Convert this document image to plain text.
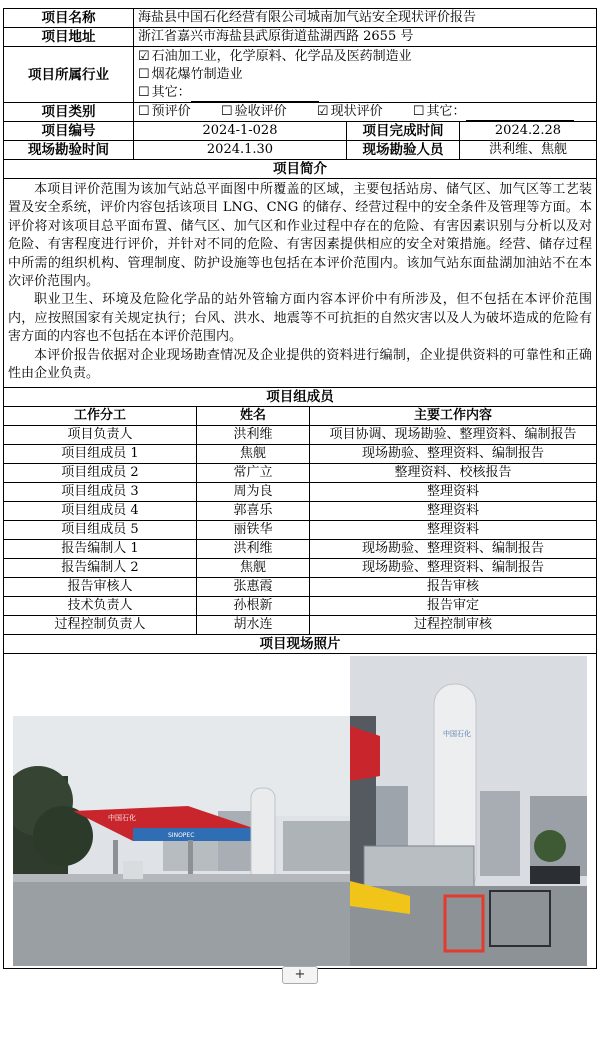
项目名称	海盐县中国石化经营有限公司城南加气站安全现状评价报告		
项目地址	浙江省嘉兴市海盐县武原街道盐湖西路 2655 号		
项目所属行业	☑ 石油加工业，化学原料、化学品及医药制造业
☐ 烟花爆竹制造业
☐ 其它：		

项目类别	☐ 预评价 ☐ 验收评价 ☑ 现状评价 ☐ 其它：		
项目编号	2024-1-028	项目完成时间	2024.2.28
现场勘验时间	2024.1.30	现场勘验人员	洪利维、焦舰
项目简介			

本项目评价范围为该加气站总平面图中所覆盖的区域，主要包括站房、储气区、加气区等工艺装置及安全系统，评价内容包括该项目 LNG、CNG 的储存、经营过程中的安全条件及管理等方面。本评价将对该项目总平面布置、储气区、加气区和作业过程中存在的危险、有害因素识别与分析以及对危险、有害程度进行评价，并针对不同的危险、有害因素提供相应的安全对策措施。经营、储存过程中所需的组织机构、管理制度、防护设施等也包括在本评价范围内。该加气站东面盐湖加油站不在本次评价范围内。

职业卫生、环境及危险化学品的站外管输方面内容本评价中有所涉及，但不包括在本评价范围内，应按照国家有关规定执行；台风、洪水、地震等不可抗拒的自然灾害以及人为破坏造成的危险有害方面的内容也不包括在本评价范围内。

本评价报告依据对企业现场勘查情况及企业提供的资料进行编制，企业提供资料的可靠性和正确性由企业负责。			

项目组成员		
工作分工	姓名	主要工作内容
项目负责人	洪利维	项目协调、现场勘验、整理资料、编制报告
项目组成员 1	焦舰	现场勘验、整理资料、编制报告
项目组成员 2	常广立	整理资料、校核报告
项目组成员 3	周为良	整理资料
项目组成员 4	郭喜乐	整理资料
项目组成员 5	丽铁华	整理资料
报告编制人 1	洪利维	现场勘验、整理资料、编制报告
报告编制人 2	焦舰	现场勘验、整理资料、编制报告
报告审核人	张惠霞	报告审核
技术负责人	孙根新	报告审定
过程控制负责人	胡水连	过程控制审核
项目现场照片		

中国石化
SINOPEC
中国石化		
+
